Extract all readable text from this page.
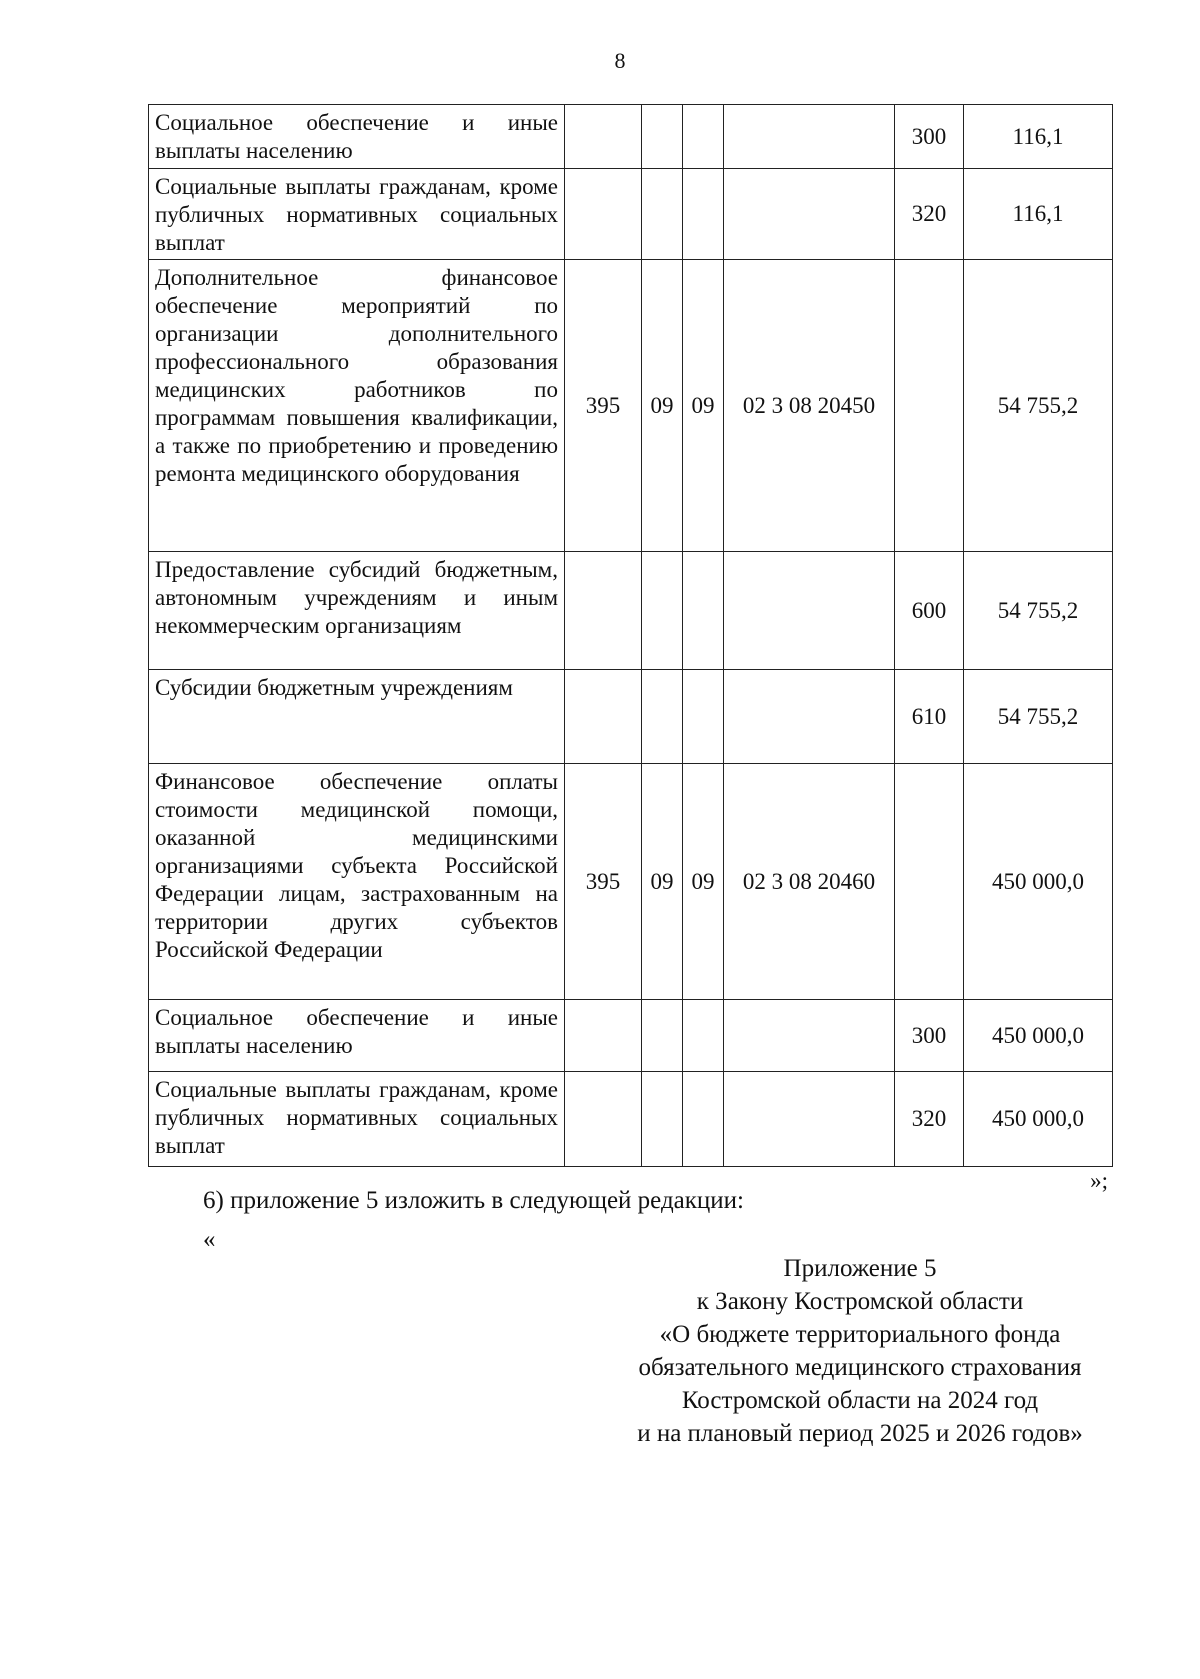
8
Социальное обеспечение и иные выплаты населению					300	116,1

Социальные выплаты гражданам, кроме публичных нормативных социальных выплат					320	116,1

Дополнительное финансовое обеспечение мероприятий по организации дополнительного профессионального образования медицинских работников по программам повышения квалификации, а также по приобретению и проведению ремонта медицинского оборудования	395	09	09	02 3 08 20450		54 755,2

Предоставление субсидий бюджетным, автономным учреждениям и иным некоммерческим организациям					600	54 755,2

Субсидии бюджетным учреждениям					610	54 755,2

Финансовое обеспечение оплаты стоимости медицинской помощи, оказанной медицинскими организациями субъекта Российской Федерации лицам, застрахованным на территории других субъектов Российской Федерации	395	09	09	02 3 08 20460		450 000,0

Социальное обеспечение и иные выплаты населению					300	450 000,0

Социальные выплаты гражданам, кроме публичных нормативных социальных выплат					320	450 000,0
»;
6) приложение 5 изложить в следующей редакции:
«
Приложение 5
к Закону Костромской области
«О бюджете территориального фонда
обязательного медицинского страхования
Костромской области на 2024 год
и на плановый период 2025 и 2026 годов»
